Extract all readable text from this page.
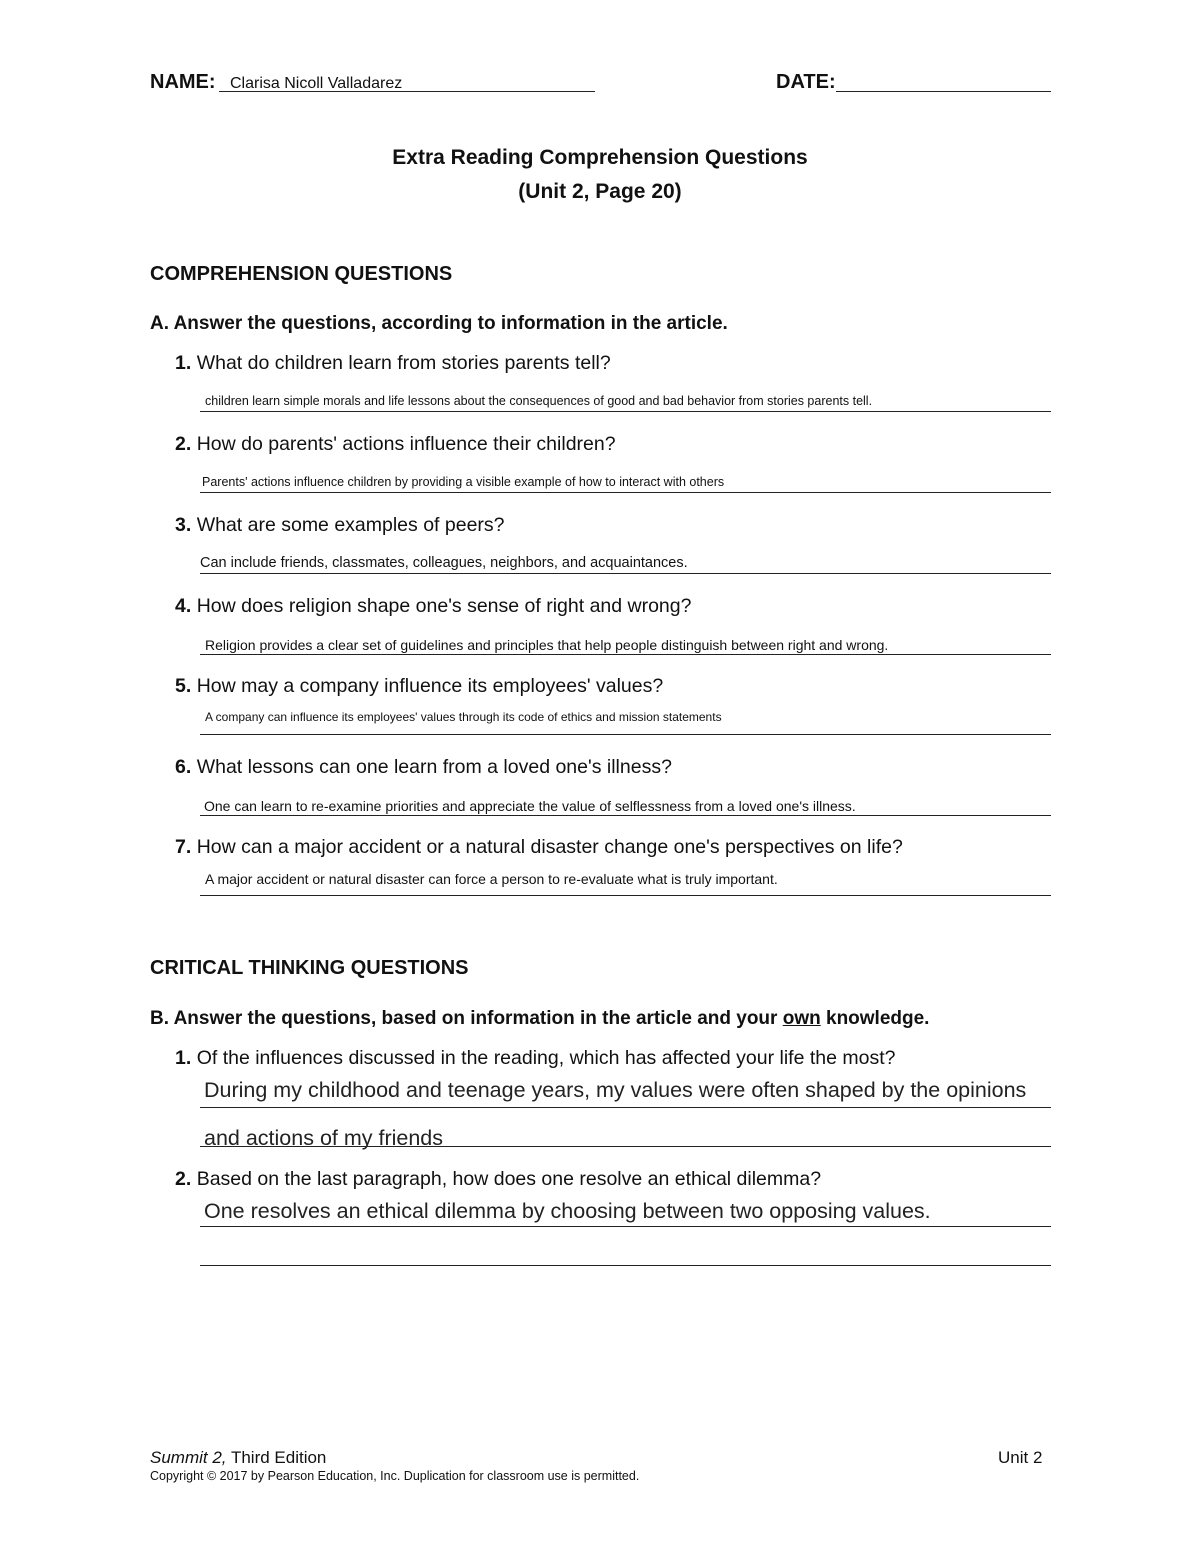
NAME: Clarisa Nicoll Valladarez	DATE:
Extra Reading Comprehension Questions
(Unit 2, Page 20)
COMPREHENSION QUESTIONS
A. Answer the questions, according to information in the article.
1. What do children learn from stories parents tell?
children learn simple morals and life lessons about the consequences of good and bad behavior from stories parents tell.
2. How do parents' actions influence their children?
Parents' actions influence children by providing a visible example of how to interact with others
3. What are some examples of peers?
Can include friends, classmates, colleagues, neighbors, and acquaintances.
4. How does religion shape one's sense of right and wrong?
Religion provides a clear set of guidelines and principles that help people distinguish between right and wrong.
5. How may a company influence its employees' values?
A company can influence its employees' values through its code of ethics and mission statements
6. What lessons can one learn from a loved one's illness?
One can learn to re-examine priorities and appreciate the value of selflessness from a loved one's illness.
7. How can a major accident or a natural disaster change one's perspectives on life?
A major accident or natural disaster can force a person to re-evaluate what is truly important.
CRITICAL THINKING QUESTIONS
B. Answer the questions, based on information in the article and your own knowledge.
1. Of the influences discussed in the reading, which has affected your life the most?
During my childhood and teenage years, my values were often shaped by the opinions
and actions of my friends
2. Based on the last paragraph, how does one resolve an ethical dilemma?
One resolves an ethical dilemma by choosing between two opposing values.
Summit 2, Third Edition	Unit 2
Copyright © 2017 by Pearson Education, Inc. Duplication for classroom use is permitted.
